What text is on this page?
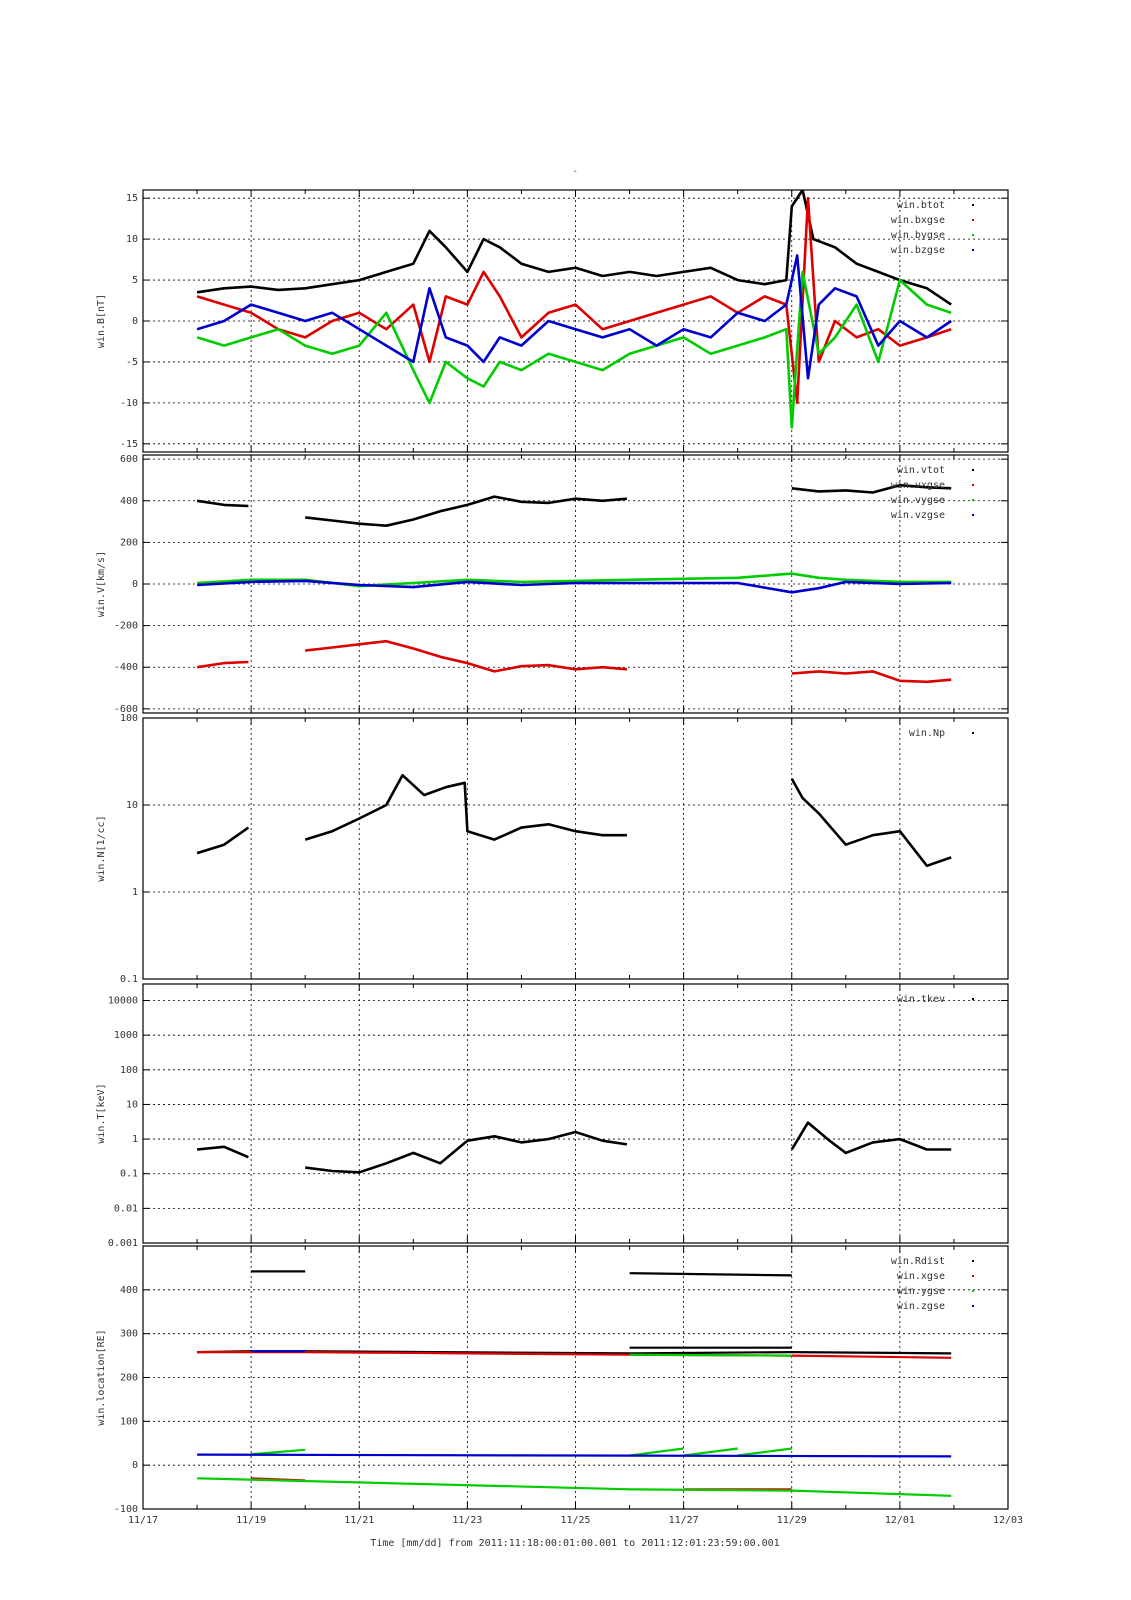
-
-15
-10
-5
0
5
10
15
win.B[nT]
win.btot
win.bxgse
win.bygse
win.bzgse
-600
-400
-200
0
200
400
600
win.V[km/s]
win.vtot
win.vxgse
win.vygse
win.vzgse
0.1
1
10
100
win.N[1/cc]
win.Np
0.001
0.01
0.1
1
10
100
1000
10000
win.T[keV]
win.tkev
-100
0
100
200
300
400
win.location[RE]
win.Rdist
win.xgse
win.ygse
win.zgse
11/17	11/19	11/21	11/23	11/25	11/27	11/29	12/01	12/03
Time [mm/dd] from 2011:11:18:00:01:00.001 to 2011:12:01:23:59:00.001
